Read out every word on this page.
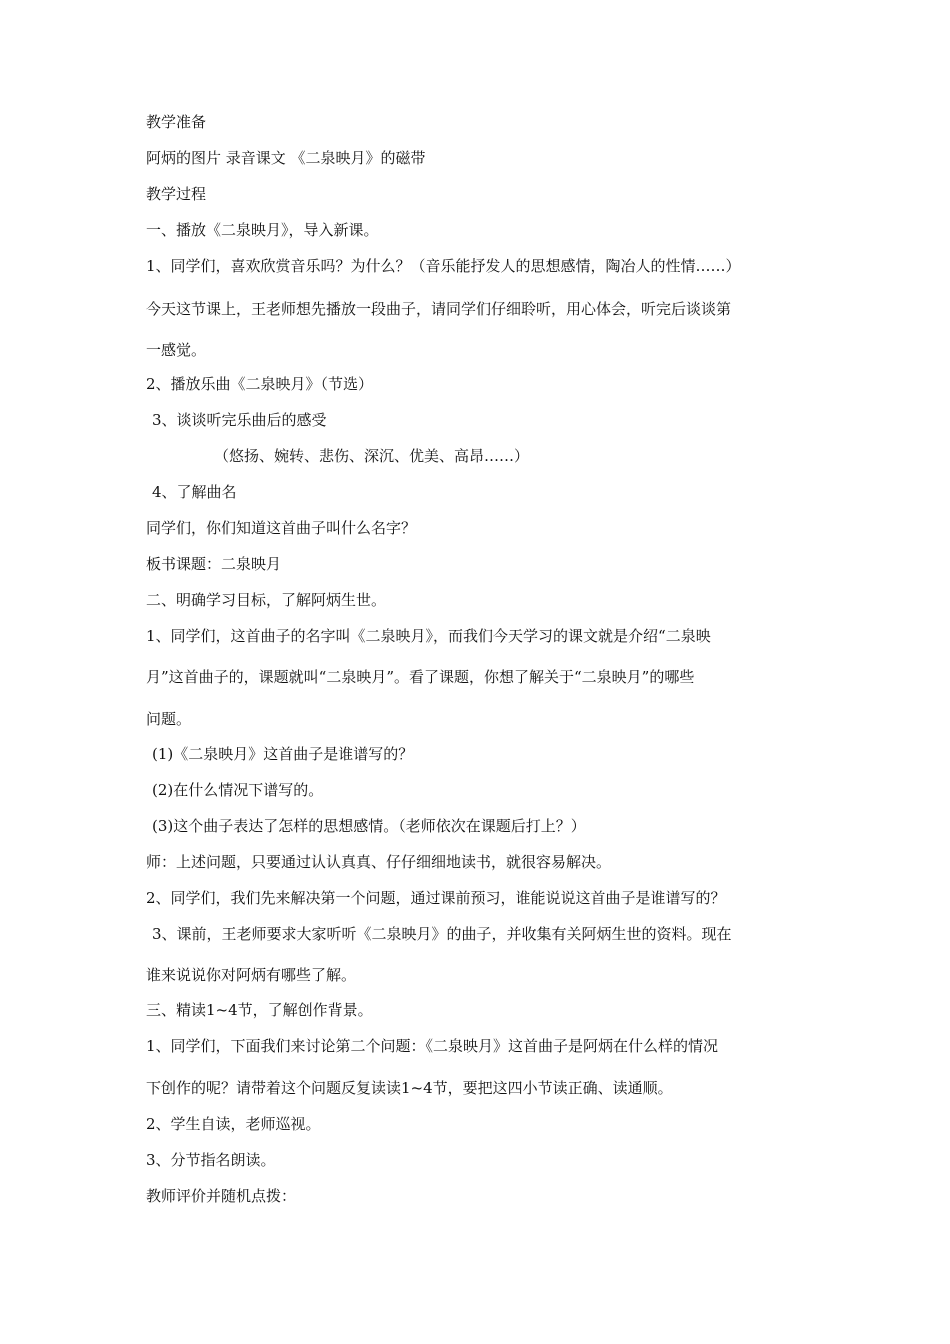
教学准备
阿炳的图片 录音课文 《二泉映月》的磁带
教学过程
一、播放《二泉映月》，导入新课。
1、同学们，喜欢欣赏音乐吗？为什么？（音乐能抒发人的思想感情，陶冶人的性情……）
今天这节课上，王老师想先播放一段曲子，请同学们仔细聆听，用心体会，听完后谈谈第
一感觉。
2、播放乐曲《二泉映月》（节选）
3、谈谈听完乐曲后的感受
（悠扬、婉转、悲伤、深沉、优美、高昂……）
4、了解曲名
同学们，你们知道这首曲子叫什么名字？
板书课题：二泉映月
二、明确学习目标，了解阿炳生世。
1、同学们，这首曲子的名字叫《二泉映月》，而我们今天学习的课文就是介绍“二泉映
月”这首曲子的，课题就叫“二泉映月”。看了课题，你想了解关于“二泉映月”的哪些
问题。
(1)《二泉映月》这首曲子是谁谱写的？
(2)在什么情况下谱写的。
(3)这个曲子表达了怎样的思想感情。（老师依次在课题后打上？）
师：上述问题，只要通过认认真真、仔仔细细地读书，就很容易解决。
2、同学们，我们先来解决第一个问题，通过课前预习，谁能说说这首曲子是谁谱写的？
3、课前，王老师要求大家听听《二泉映月》的曲子，并收集有关阿炳生世的资料。现在
谁来说说你对阿炳有哪些了解。
三、精读1~4节，了解创作背景。
1、同学们，下面我们来讨论第二个问题：《二泉映月》这首曲子是阿炳在什么样的情况
下创作的呢？请带着这个问题反复读读1~4节，要把这四小节读正确、读通顺。
2、学生自读，老师巡视。
3、分节指名朗读。
教师评价并随机点拨：
